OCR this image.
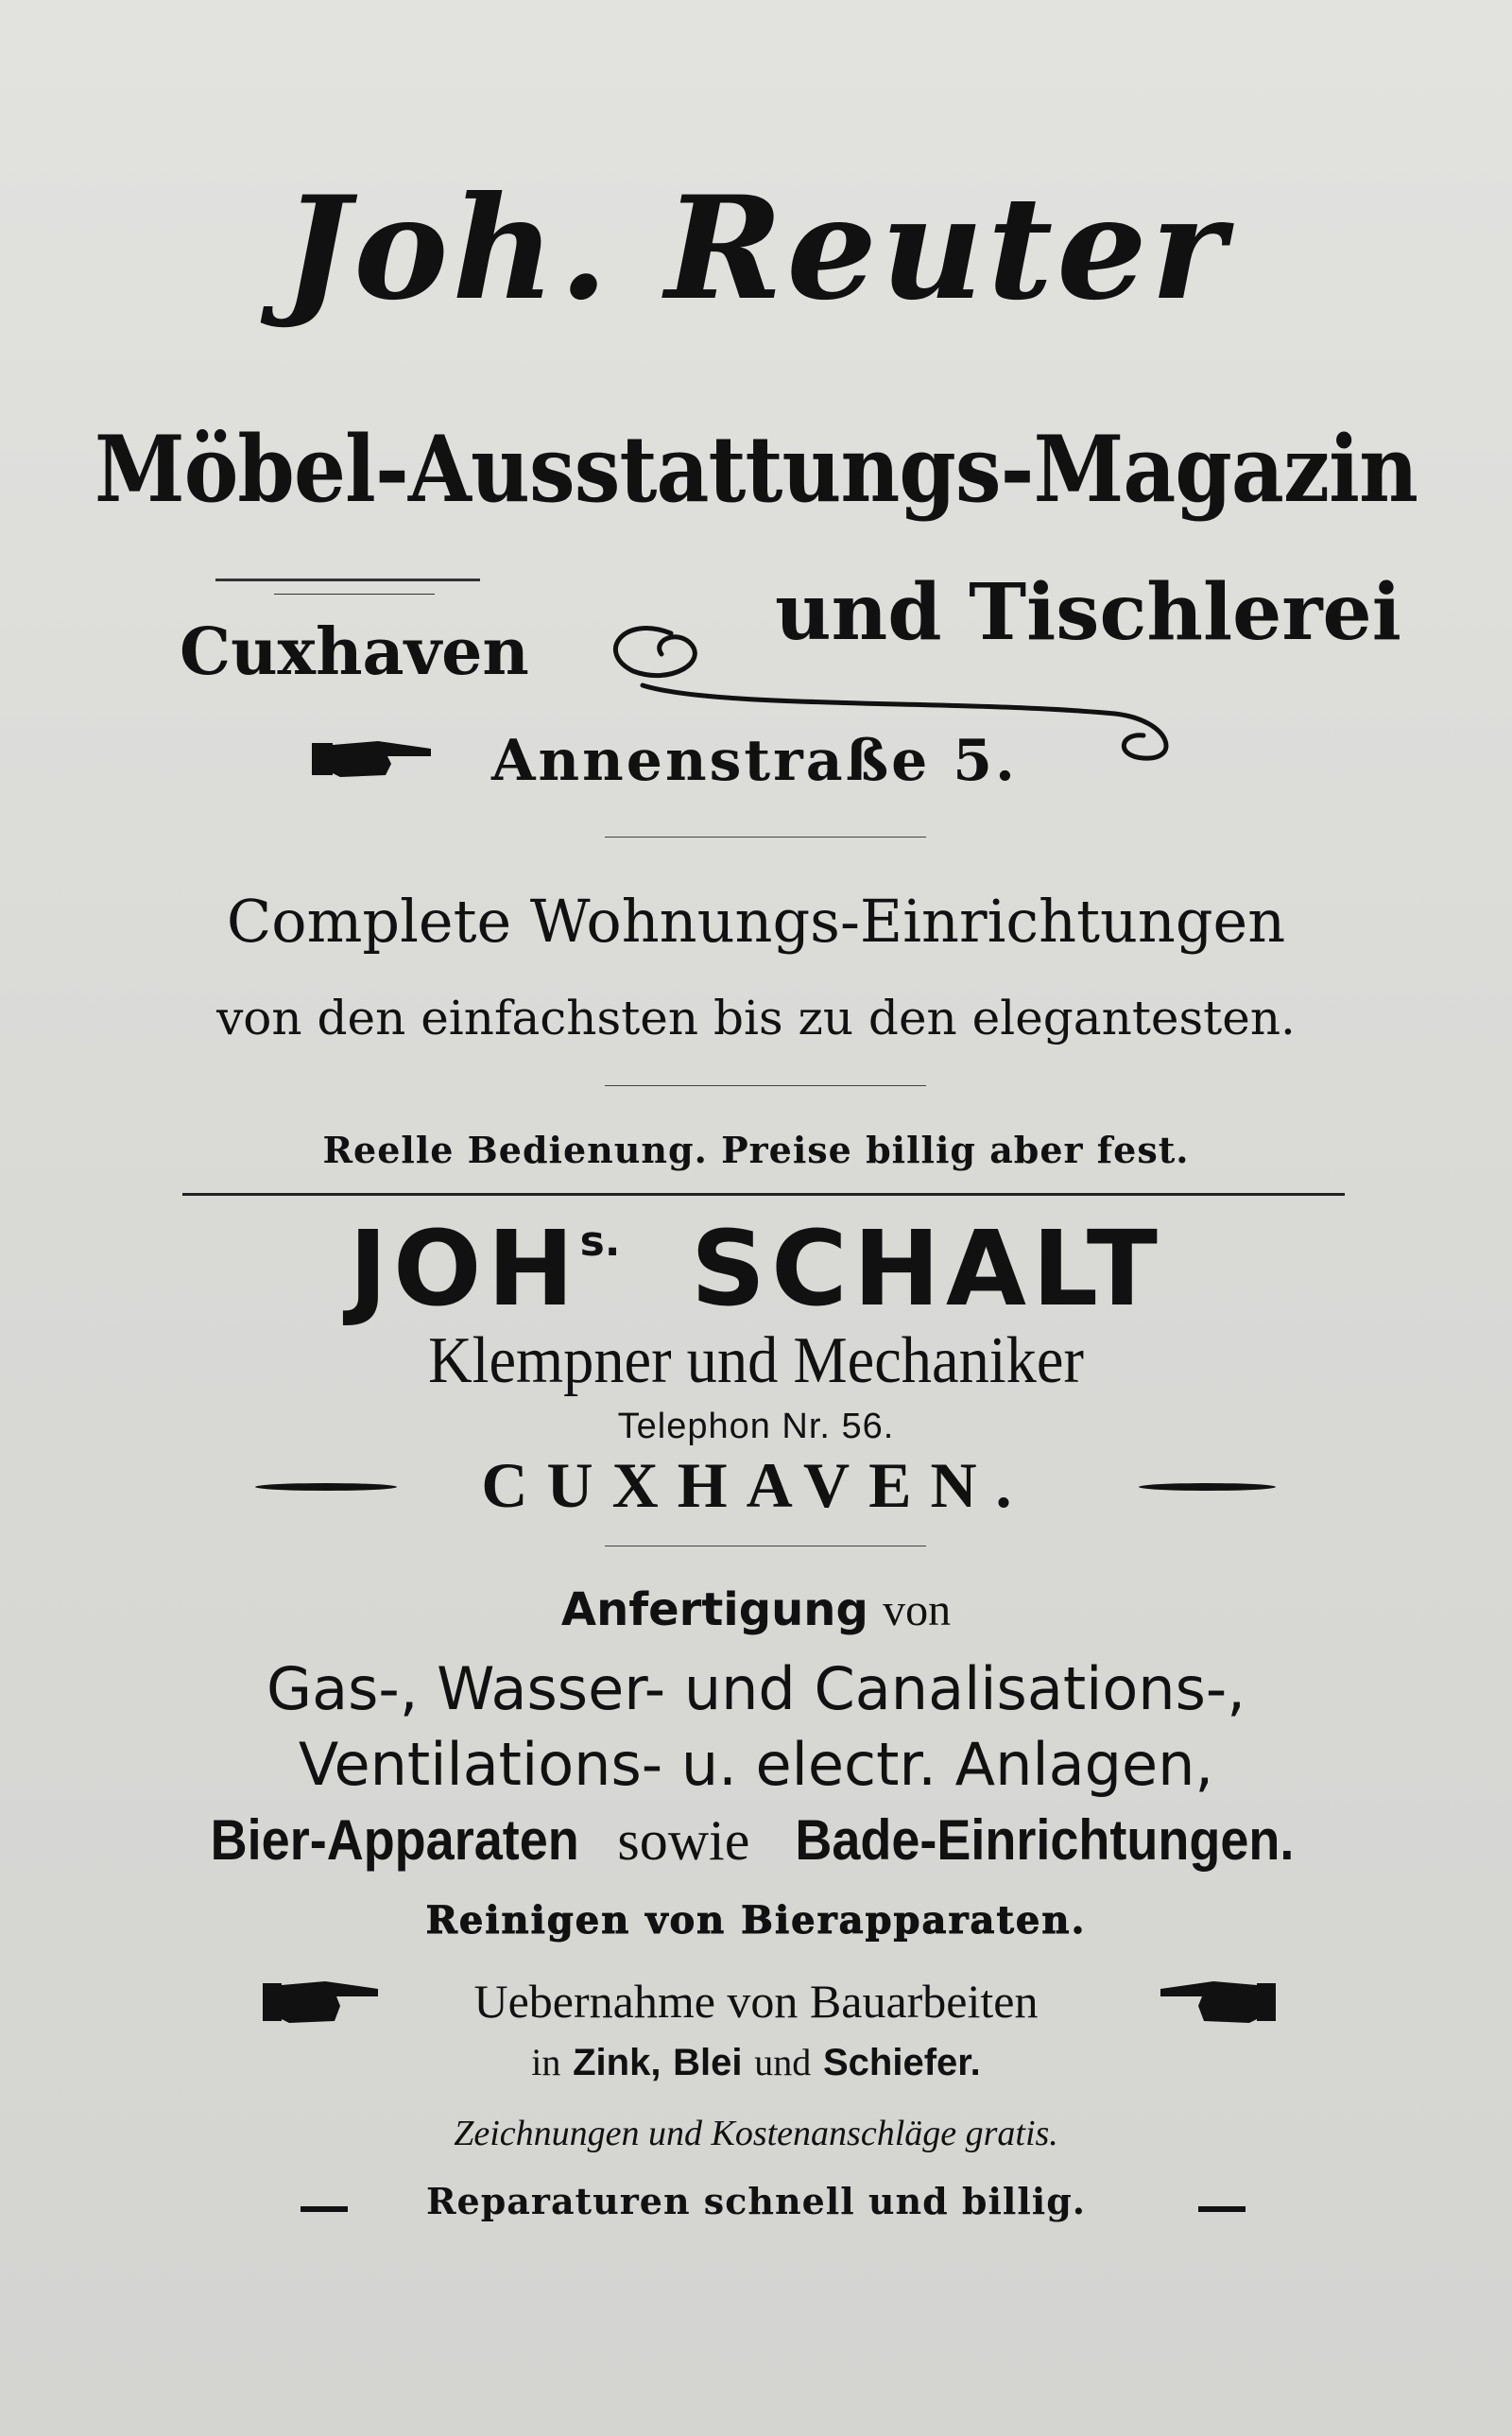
Joh. Reuter
Möbel-Ausstattungs-Magazin
Cuxhaven	und Tischlerei
Annenstraße 5.
Complete Wohnungs-Einrichtungen
von den einfachsten bis zu den elegantesten.
Reelle Bedienung. Preise billig aber fest.
$JOH^{s.}$ SCHALT
Klempner und Mechaniker
Telephon Nr. 56.
CUXHAVEN.
Anfertigung von
Gas-, Wasser- und Canalisations-,
Ventilations- u. electr. Anlagen,
Bier-Apparaten sowie Bade-Einrichtungen.
Reinigen von Bierapparaten.
Uebernahme von Bauarbeiten
in Zink, Blei und Schiefer.
Zeichnungen und Kostenanschläge gratis.
Reparaturen schnell und billig.
